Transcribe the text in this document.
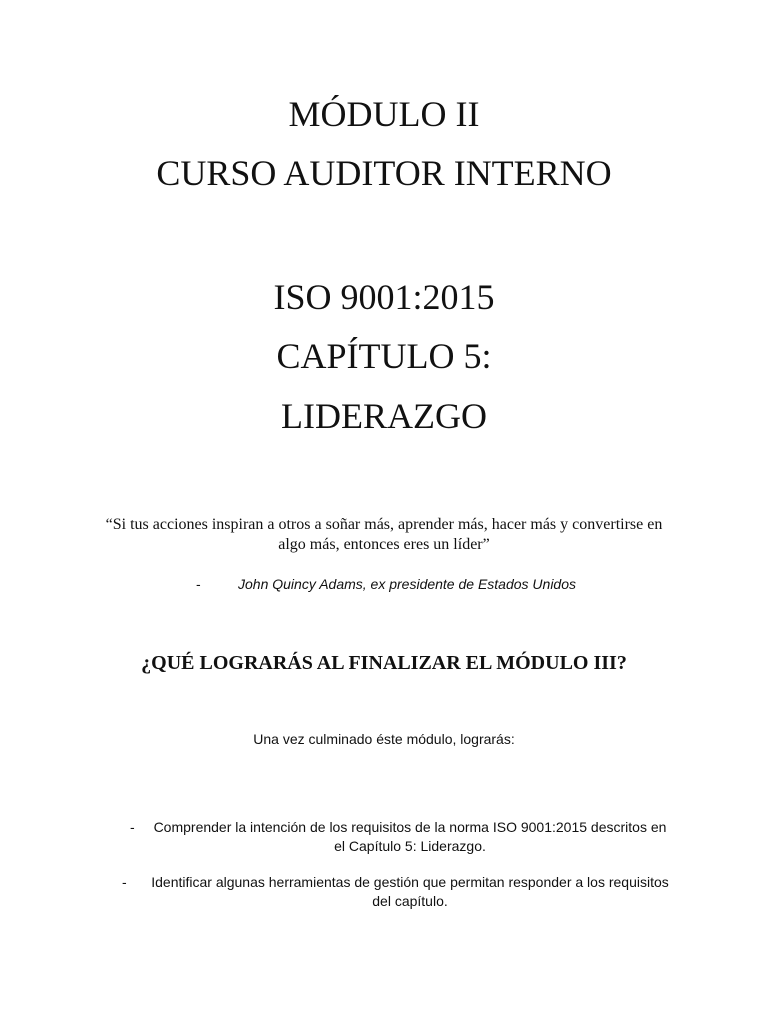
MÓDULO II
CURSO AUDITOR INTERNO
ISO 9001:2015
CAPÍTULO 5:
LIDERAZGO
“Si tus acciones inspiran a otros a soñar más, aprender más, hacer más y convertirse en algo más, entonces eres un líder”
-	John Quincy Adams, ex presidente de Estados Unidos
¿QUÉ LOGRARÁS AL FINALIZAR EL MÓDULO III?
Una vez culminado éste módulo, lograrás:
- Comprender la intención de los requisitos de la norma ISO 9001:2015 descritos en el Capítulo 5: Liderazgo.
- Identificar algunas herramientas de gestión que permitan responder a los requisitos del capítulo.
